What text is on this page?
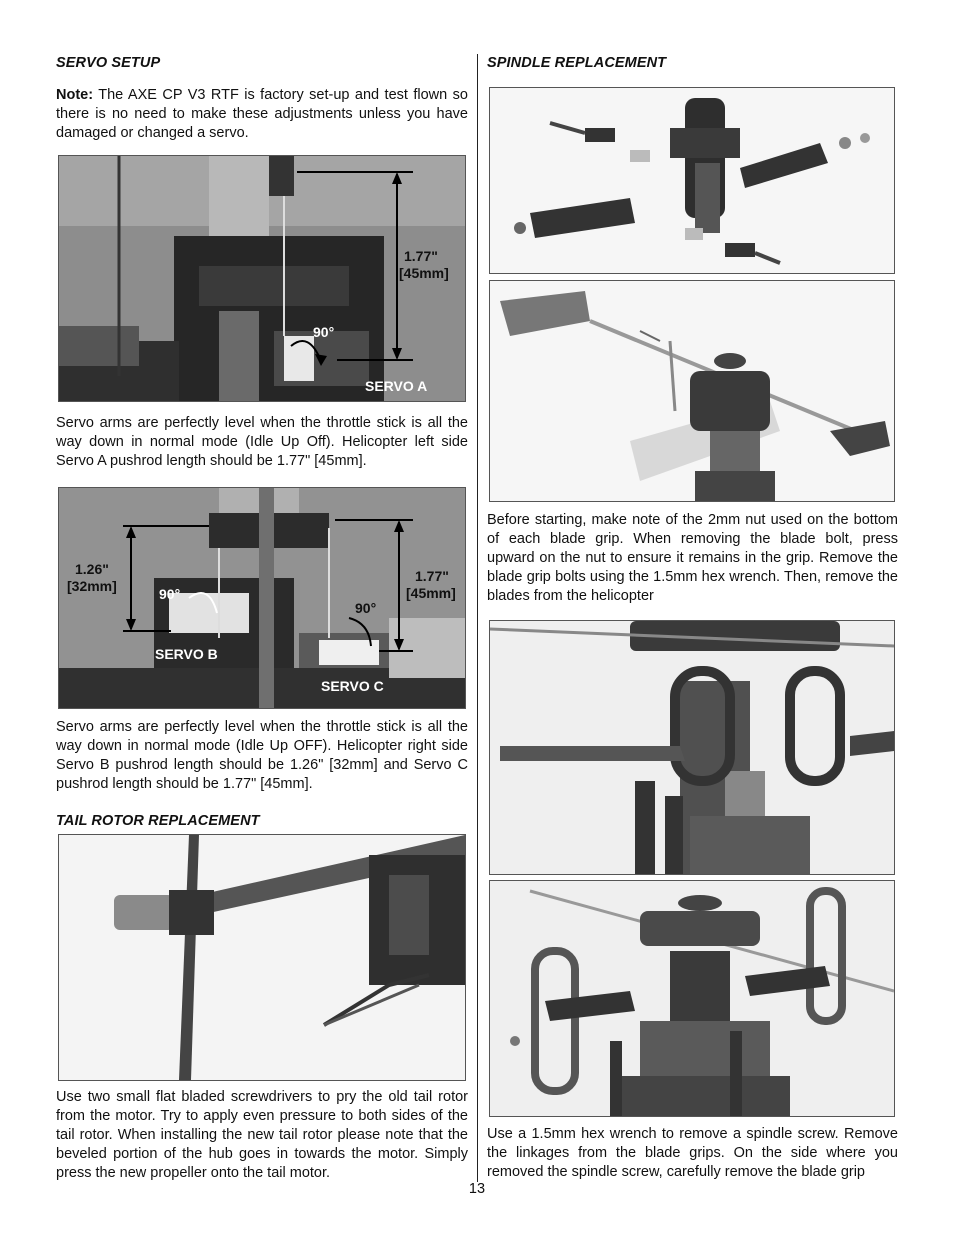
SERVO SETUP

Note: The AXE CP V3 RTF is factory set-up and test flown so there is no need to make these adjustments unless you have damaged or changed a servo.

1.77"
[45mm]
90°
SERVO A

Servo arms are perfectly level when the throttle stick is all the way down in normal mode (Idle Up Off). Helicopter left side Servo A pushrod length should be 1.77" [45mm].

1.26"
[32mm]
1.77"
[45mm]
90°
90°
SERVO B
SERVO C

Servo arms are perfectly level when the throttle stick is all the way down in normal mode (Idle Up OFF). Helicopter right side Servo B pushrod length should be 1.26" [32mm] and Servo C pushrod length should be 1.77" [45mm].

TAIL ROTOR REPLACEMENT

Use two small flat bladed screwdrivers to pry the old tail rotor from the motor. Try to apply even pressure to both sides of the tail rotor. When installing the new tail rotor please note that the beveled portion of the hub goes in towards the motor. Simply press the new propeller onto the tail motor.

SPINDLE REPLACEMENT

Before starting, make note of the 2mm nut used on the bottom of each blade grip. When removing the blade bolt, press upward on the nut to ensure it remains in the grip. Remove the blade grip bolts using the 1.5mm hex wrench. Then, remove the blades from the helicopter

Use a 1.5mm hex wrench to remove a spindle screw. Remove the linkages from the blade grips. On the side where you removed the spindle screw, carefully remove the blade grip

13
